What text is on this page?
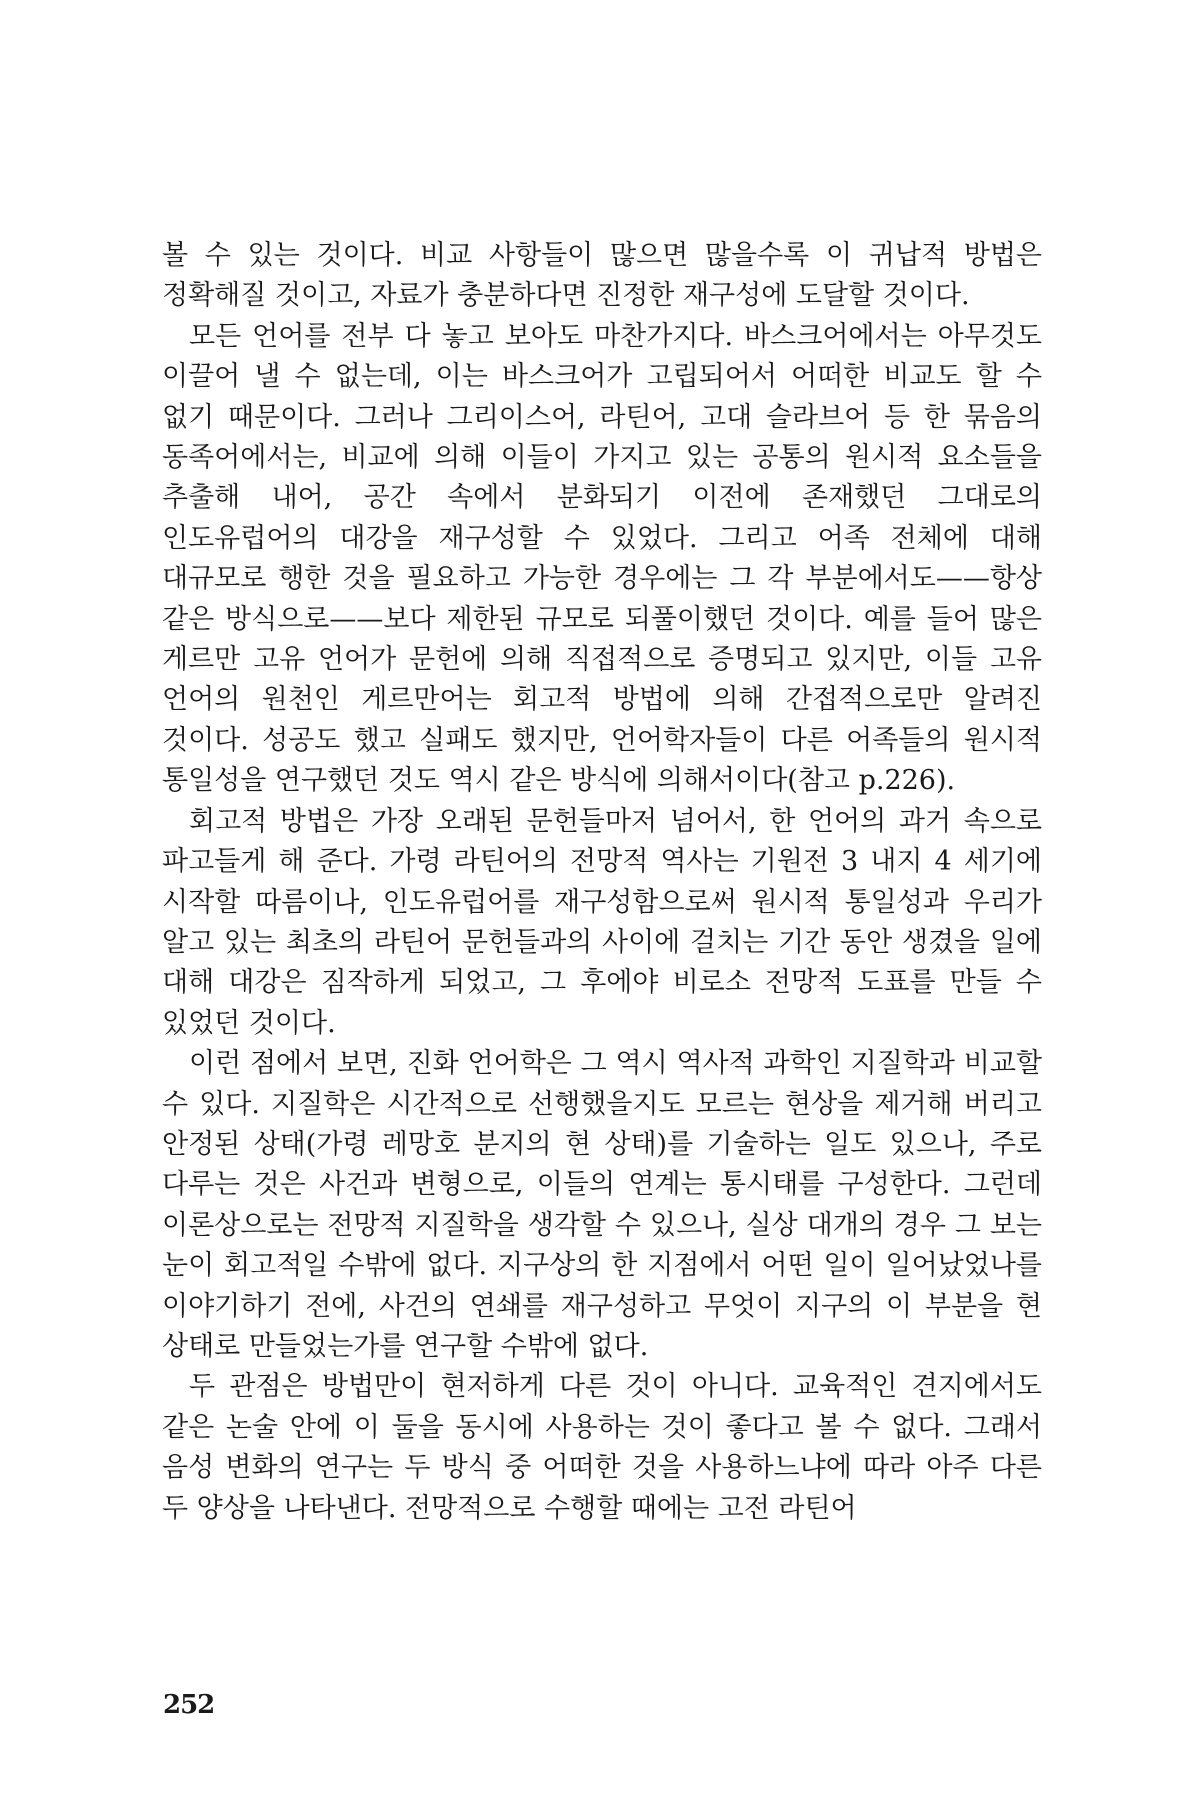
볼 수 있는 것이다. 비교 사항들이 많으면 많을수록 이 귀납적 방법은 정확해질 것이고, 자료가 충분하다면 진정한 재구성에 도달할 것이다.

모든 언어를 전부 다 놓고 보아도 마찬가지다. 바스크어에서는 아무것도 이끌어 낼 수 없는데, 이는 바스크어가 고립되어서 어떠한 비교도 할 수 없기 때문이다. 그러나 그리이스어, 라틴어, 고대 슬라브어 등 한 묶음의 동족어에서는, 비교에 의해 이들이 가지고 있는 공통의 원시적 요소들을 추출해 내어, 공간 속에서 분화되기 이전에 존재했던 그대로의 인도유럽어의 대강을 재구성할 수 있었다. 그리고 어족 전체에 대해 대규모로 행한 것을 필요하고 가능한 경우에는 그 각 부분에서도——항상 같은 방식으로——보다 제한된 규모로 되풀이했던 것이다. 예를 들어 많은 게르만 고유 언어가 문헌에 의해 직접적으로 증명되고 있지만, 이들 고유 언어의 원천인 게르만어는 회고적 방법에 의해 간접적으로만 알려진 것이다. 성공도 했고 실패도 했지만, 언어학자들이 다른 어족들의 원시적 통일성을 연구했던 것도 역시 같은 방식에 의해서이다(참고 p.226).

회고적 방법은 가장 오래된 문헌들마저 넘어서, 한 언어의 과거 속으로 파고들게 해 준다. 가령 라틴어의 전망적 역사는 기원전 3 내지 4 세기에 시작할 따름이나, 인도유럽어를 재구성함으로써 원시적 통일성과 우리가 알고 있는 최초의 라틴어 문헌들과의 사이에 걸치는 기간 동안 생겼을 일에 대해 대강은 짐작하게 되었고, 그 후에야 비로소 전망적 도표를 만들 수 있었던 것이다.

이런 점에서 보면, 진화 언어학은 그 역시 역사적 과학인 지질학과 비교할 수 있다. 지질학은 시간적으로 선행했을지도 모르는 현상을 제거해 버리고 안정된 상태(가령 레망호 분지의 현 상태)를 기술하는 일도 있으나, 주로 다루는 것은 사건과 변형으로, 이들의 연계는 통시태를 구성한다. 그런데 이론상으로는 전망적 지질학을 생각할 수 있으나, 실상 대개의 경우 그 보는 눈이 회고적일 수밖에 없다. 지구상의 한 지점에서 어떤 일이 일어났었나를 이야기하기 전에, 사건의 연쇄를 재구성하고 무엇이 지구의 이 부분을 현 상태로 만들었는가를 연구할 수밖에 없다.

두 관점은 방법만이 현저하게 다른 것이 아니다. 교육적인 견지에서도 같은 논술 안에 이 둘을 동시에 사용하는 것이 좋다고 볼 수 없다. 그래서 음성 변화의 연구는 두 방식 중 어떠한 것을 사용하느냐에 따라 아주 다른 두 양상을 나타낸다. 전망적으로 수행할 때에는 고전 라틴어

252
